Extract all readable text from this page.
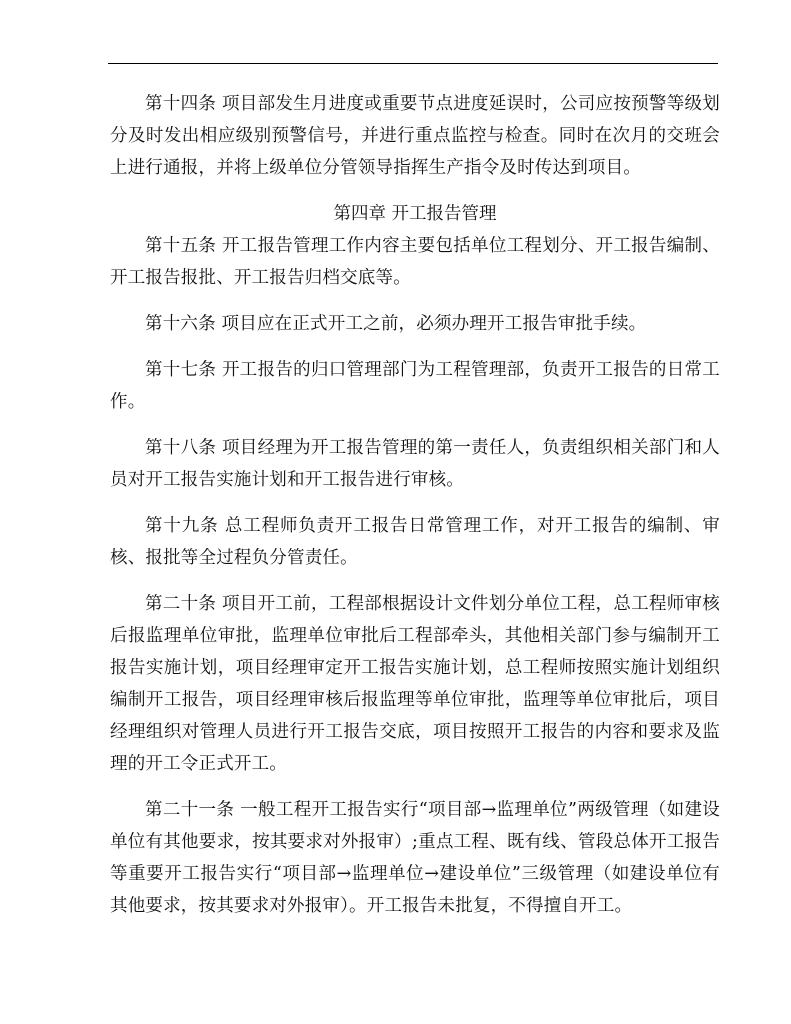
第十四条 项目部发生月进度或重要节点进度延误时，公司应按预警等级划分及时发出相应级别预警信号，并进行重点监控与检查。同时在次月的交班会上进行通报，并将上级单位分管领导指挥生产指令及时传达到项目。

第四章 开工报告管理

第十五条 开工报告管理工作内容主要包括单位工程划分、开工报告编制、开工报告报批、开工报告归档交底等。

第十六条 项目应在正式开工之前，必须办理开工报告审批手续。

第十七条 开工报告的归口管理部门为工程管理部，负责开工报告的日常工作。

第十八条 项目经理为开工报告管理的第一责任人，负责组织相关部门和人员对开工报告实施计划和开工报告进行审核。

第十九条 总工程师负责开工报告日常管理工作，对开工报告的编制、审核、报批等全过程负分管责任。

第二十条 项目开工前，工程部根据设计文件划分单位工程，总工程师审核后报监理单位审批，监理单位审批后工程部牵头，其他相关部门参与编制开工报告实施计划，项目经理审定开工报告实施计划，总工程师按照实施计划组织编制开工报告，项目经理审核后报监理等单位审批，监理等单位审批后，项目经理组织对管理人员进行开工报告交底，项目按照开工报告的内容和要求及监理的开工令正式开工。

第二十一条 一般工程开工报告实行“项目部→监理单位”两级管理（如建设单位有其他要求，按其要求对外报审）;重点工程、既有线、管段总体开工报告等重要开工报告实行“项目部→监理单位→建设单位”三级管理（如建设单位有其他要求，按其要求对外报审）。开工报告未批复，不得擅自开工。
